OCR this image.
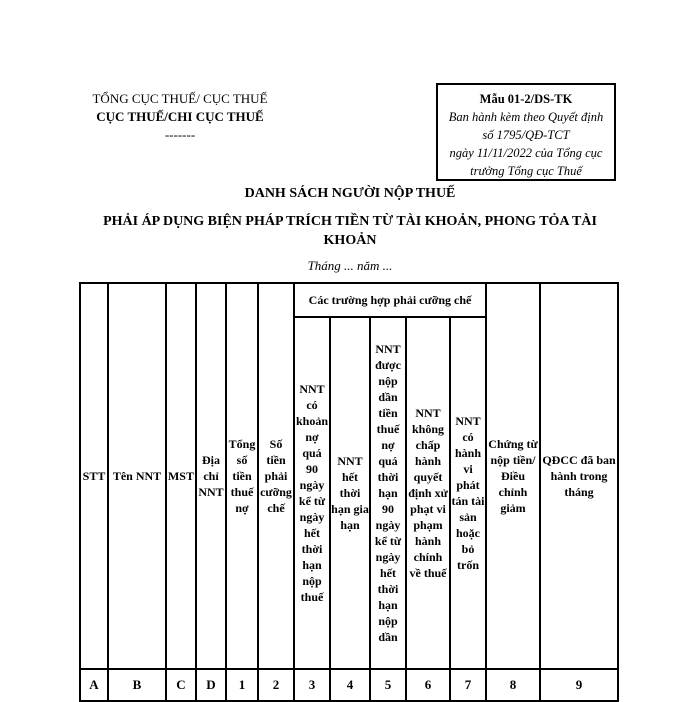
TỔNG CỤC THUẾ/ CỤC THUẾ
CỤC THUẾ/CHI CỤC THUẾ
-------
Mẫu 01-2/DS-TK
Ban hành kèm theo Quyết định
số 1795/QĐ-TCT
ngày 11/11/2022 của Tổng cục
trưởng Tổng cục Thuế
DANH SÁCH NGƯỜI NỘP THUẾ
PHẢI ÁP DỤNG BIỆN PHÁP TRÍCH TIỀN TỪ TÀI KHOẢN, PHONG TỎA TÀI KHOẢN
Tháng ... năm ...
STT	Tên NNT	MST	Địa chỉ NNT	Tổng số tiền thuế nợ	Số tiền phải cưỡng chế	Các trường hợp phải cưỡng chế					Chứng từ nộp tiền/Điều chỉnh giảm	QĐCC đã ban hành trong tháng
						NNT có khoản nợ quá 90 ngày kể từ ngày hết thời hạn nộp thuế	NNT hết thời hạn gia hạn	NNT được nộp dần tiền thuế nợ quá thời hạn 90 ngày kể từ ngày hết thời hạn nộp dần	NNT không chấp hành quyết định xử phạt vi phạm hành chính về thuế	NNT có hành vi phát tán tài sản hoặc bỏ trốn		
A	B	C	D	1	2	3	4	5	6	7	8	9
